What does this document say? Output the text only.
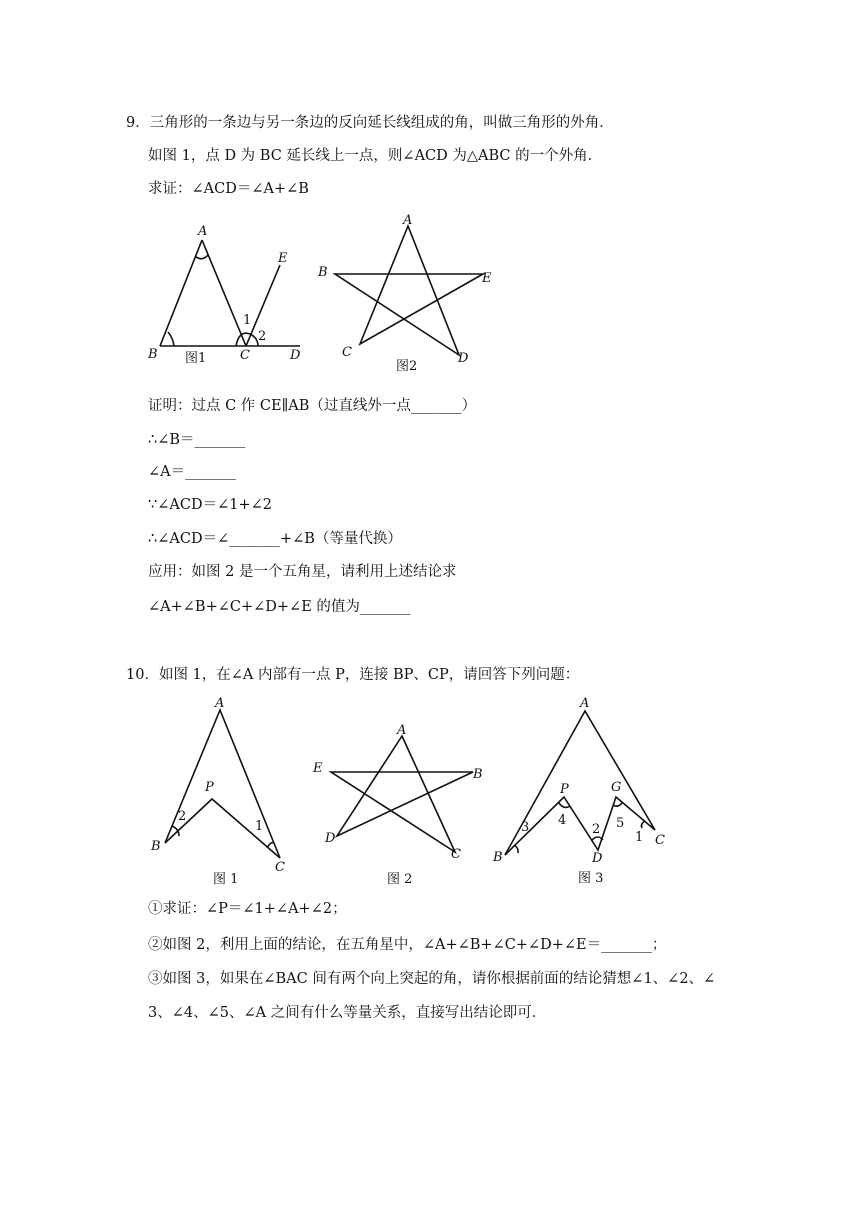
9．三角形的一条边与另一条边的反向延长线组成的角，叫做三角形的外角．
如图 1，点 D 为 BC 延长线上一点，则∠ACD 为△ABC 的一个外角．
求证：∠ACD＝∠A+∠B
A
B	C	D
E
1
2
图1
A
B
C	D
E
图2
证明：过点 C 作 CE∥AB（过直线外一点_______）
∴∠B＝_______
∠A＝_______
∵∠ACD＝∠1+∠2
∴∠ACD＝∠_______+∠B（等量代换）
应用：如图 2 是一个五角星，请利用上述结论求
∠A+∠B+∠C+∠D+∠E 的值为_______
10．如图 1，在∠A 内部有一点 P，连接 BP、CP，请回答下列问题：
A
B
C
P
2
1
图 1
A
B
C
D
E
图 2
A
B
C
D
G
P
1
2
3 4	5
图 3
①求证：∠P＝∠1+∠A+∠2；
②如图 2，利用上面的结论，在五角星中，∠A+∠B+∠C+∠D+∠E＝_______；
③如图 3，如果在∠BAC 间有两个向上突起的角，请你根据前面的结论猜想∠1、∠2、∠
3、∠4、∠5、∠A 之间有什么等量关系，直接写出结论即可．
